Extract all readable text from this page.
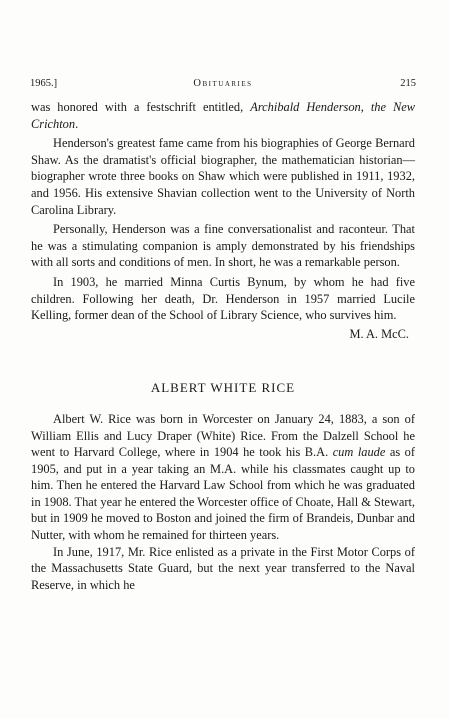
1965.]	Obituaries	215

was honored with a festschrift entitled, Archibald Henderson, the New Crichton.

Henderson's greatest fame came from his biographies of George Bernard Shaw. As the dramatist's official biographer, the mathematician historian—biographer wrote three books on Shaw which were published in 1911, 1932, and 1956. His extensive Shavian collection went to the University of North Carolina Library.

Personally, Henderson was a fine conversationalist and raconteur. That he was a stimulating companion is amply demonstrated by his friendships with all sorts and conditions of men. In short, he was a remarkable person.

In 1903, he married Minna Curtis Bynum, by whom he had five children. Following her death, Dr. Henderson in 1957 married Lucile Kelling, former dean of the School of Library Science, who survives him.

M. A. McC.

ALBERT WHITE RICE

Albert W. Rice was born in Worcester on January 24, 1883, a son of William Ellis and Lucy Draper (White) Rice. From the Dalzell School he went to Harvard College, where in 1904 he took his B.A. cum laude as of 1905, and put in a year taking an M.A. while his classmates caught up to him. Then he entered the Harvard Law School from which he was graduated in 1908. That year he entered the Worcester office of Choate, Hall & Stewart, but in 1909 he moved to Boston and joined the firm of Brandeis, Dunbar and Nutter, with whom he remained for thirteen years.

In June, 1917, Mr. Rice enlisted as a private in the First Motor Corps of the Massachusetts State Guard, but the next year transferred to the Naval Reserve, in which he
